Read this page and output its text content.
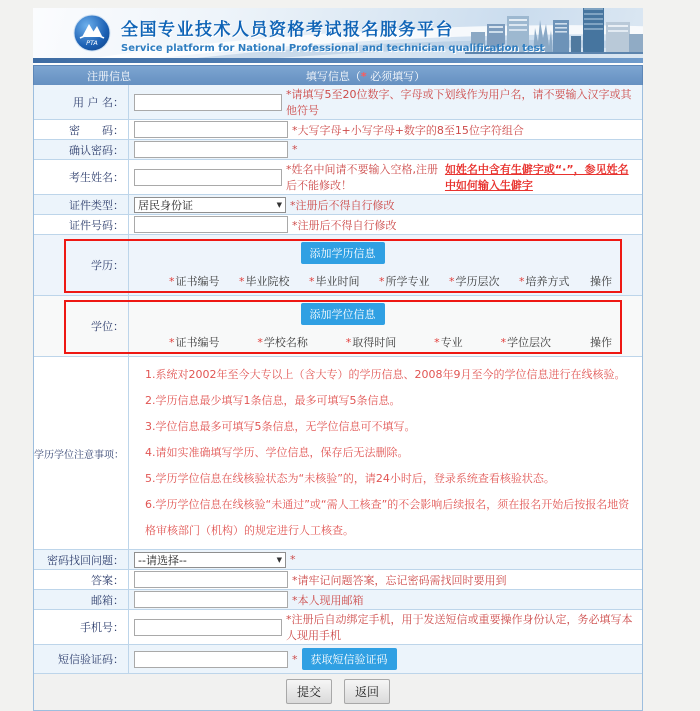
PTA
全国专业技术人员资格考试报名服务平台
Service platform for National Professional and technician qualification test
注册信息	填写信息（* 必须填写）
用 户 名：
*请填写5至20位数字、字母或下划线作为用户名，请不要输入汉字或其他符号
密　　码：	*大写字母+小写字母+数字的8至15位字符组合
确认密码：	*
考生姓名：
*姓名中间请不要输入空格,注册后不能修改！
如姓名中含有生僻字或“·”，参见姓名中如何输入生僻字
证件类型：	居民身份证	▼ *注册后不得自行修改
证件号码：	*注册后不得自行修改
学历：
添加学历信息
*证书编号 *毕业院校 *毕业时间 *所学专业 *学历层次 *培养方式 操作
学位：
添加学位信息
*证书编号	*学校名称	*取得时间	*专业	*学位层次	操作
学历学位注意事项：
1.系统对2002年至今大专以上（含大专）的学历信息、2008年9月至今的学位信息进行在线核验。
2.学历信息最少填写1条信息，最多可填写5条信息。
3.学位信息最多可填写5条信息，无学位信息可不填写。
4.请如实准确填写学历、学位信息，保存后无法删除。
5.学历学位信息在线核验状态为“未核验”的，请24小时后，登录系统查看核验状态。
6.学历学位信息在线核验“未通过”或“需人工核查”的不会影响后续报名，须在报名开始后按报名地资格审核部门（机构）的规定进行人工核查。
密码找回问题：	--请选择--	▼ *
答案：	*请牢记问题答案，忘记密码需找回时要用到
邮箱：	*本人现用邮箱
手机号：
*注册后自动绑定手机，用于发送短信或重要操作身份认定，务必填写本人现用手机
短信验证码：	*	获取短信验证码
提交	返回
